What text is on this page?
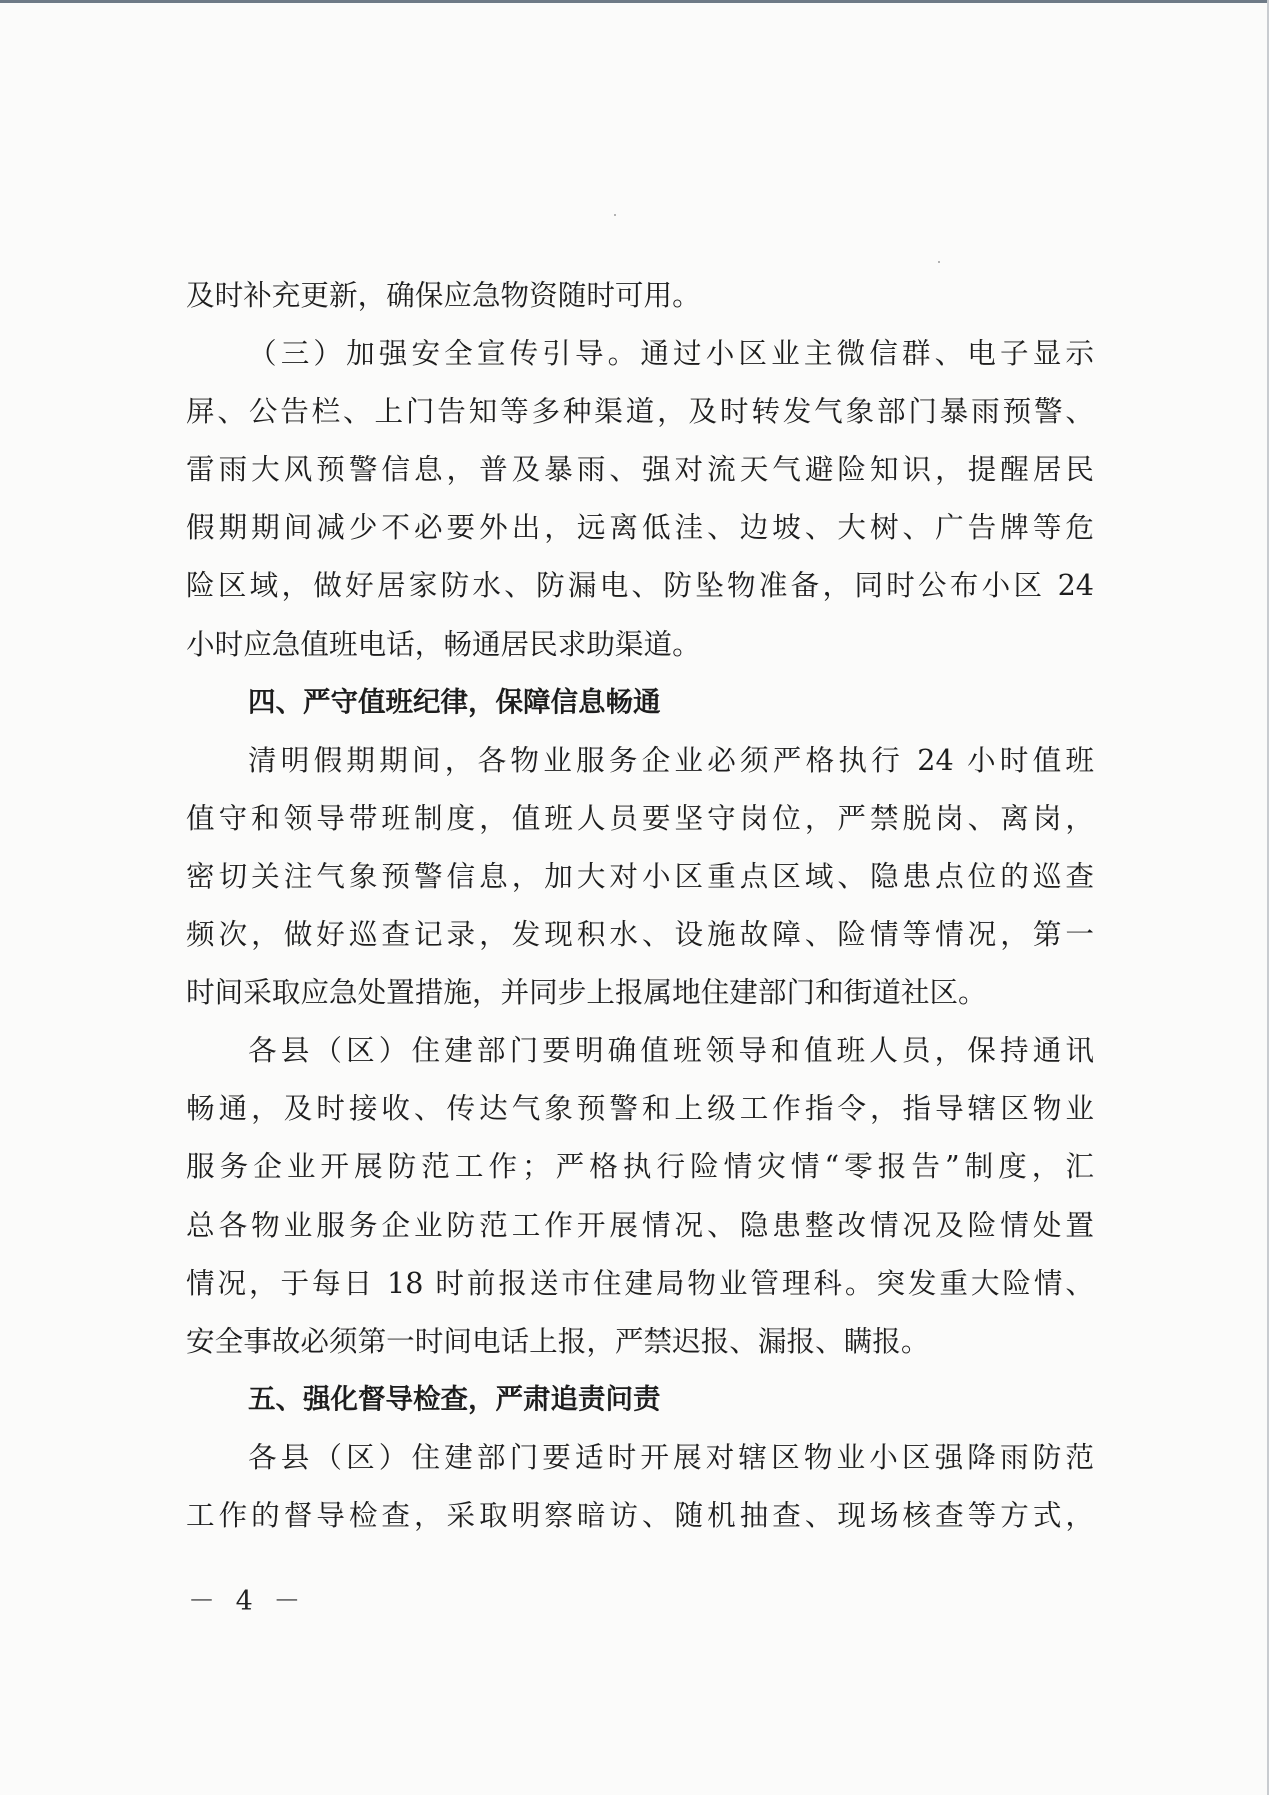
及时补充更新，确保应急物资随时可用。
（三）加强安全宣传引导。通过小区业主微信群、电子显示
屏、公告栏、上门告知等多种渠道，及时转发气象部门暴雨预警、
雷雨大风预警信息，普及暴雨、强对流天气避险知识，提醒居民
假期期间减少不必要外出，远离低洼、边坡、大树、广告牌等危
险区域，做好居家防水、防漏电、防坠物准备，同时公布小区 24
小时应急值班电话，畅通居民求助渠道。
四、严守值班纪律，保障信息畅通
清明假期期间，各物业服务企业必须严格执行 24 小时值班
值守和领导带班制度，值班人员要坚守岗位，严禁脱岗、离岗，
密切关注气象预警信息，加大对小区重点区域、隐患点位的巡查
频次，做好巡查记录，发现积水、设施故障、险情等情况，第一
时间采取应急处置措施，并同步上报属地住建部门和街道社区。
各县（区）住建部门要明确值班领导和值班人员，保持通讯
畅通，及时接收、传达气象预警和上级工作指令，指导辖区物业
服务企业开展防范工作；严格执行险情灾情“零报告”制度，汇
总各物业服务企业防范工作开展情况、隐患整改情况及险情处置
情况，于每日 18 时前报送市住建局物业管理科。突发重大险情、
安全事故必须第一时间电话上报，严禁迟报、漏报、瞒报。
五、强化督导检查，严肃追责问责
各县（区）住建部门要适时开展对辖区物业小区强降雨防范
工作的督导检查，采取明察暗访、随机抽查、现场核查等方式，
－ 4 －
